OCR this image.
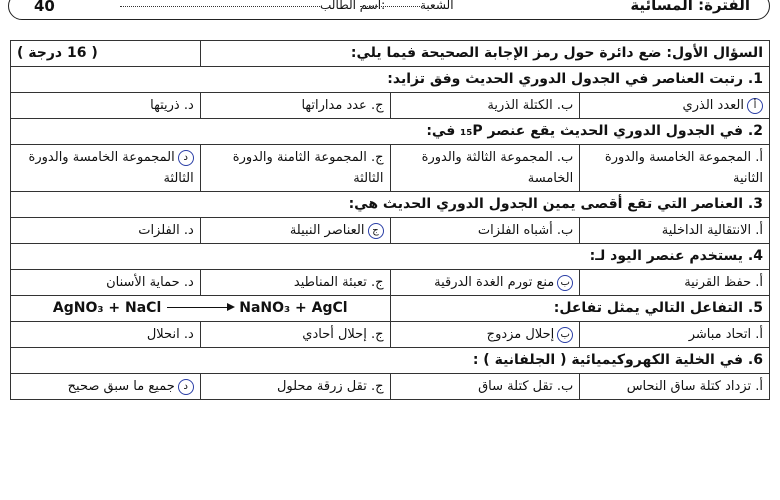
40	اسم الطالب:	الشعبة	الفترة: المسائية
السؤال الأول: ضع دائرة حول رمز الإجابة الصحيحة فيما يلي:			( 16 درجة )
1. رتبت العناصر في الجدول الدوري الحديث وفق تزايد:			
أالعدد الذري	ب. الكتلة الذرية	ج. عدد مداراتها	د. ذريتها
2. في الجدول الدوري الحديث يقع عنصر ₁₅P في:			
أ. المجموعة الخامسة والدورة الثانية	ب. المجموعة الثالثة والدورة الخامسة	ج. المجموعة الثامنة والدورة الثالثة	دالمجموعة الخامسة والدورة الثالثة
3. العناصر التي تقع أقصى يمين الجدول الدوري الحديث هي:			
أ. الانتقالية الداخلية	ب. أشباه الفلزات	جالعناصر النبيلة	د. الفلزات
4. يستخدم عنصر اليود لـ:			
أ. حفظ القرنية	بمنع تورم الغدة الدرقية	ج. تعبئة المناطيد	د. حماية الأسنان
5. التفاعل التالي يمثل تفاعل:		AgNO₃ + NaCl NaNO₃ + AgCl	
أ. اتحاد مباشر	بإحلال مزدوج	ج. إحلال أحادي	د. انحلال
6. في الخلية الكهروكيميائية ( الجلفانية ) :			
أ. تزداد كتلة ساق النحاس	ب. تقل كتلة ساق	ج. تقل زرقة محلول	دجميع ما سبق صحيح
